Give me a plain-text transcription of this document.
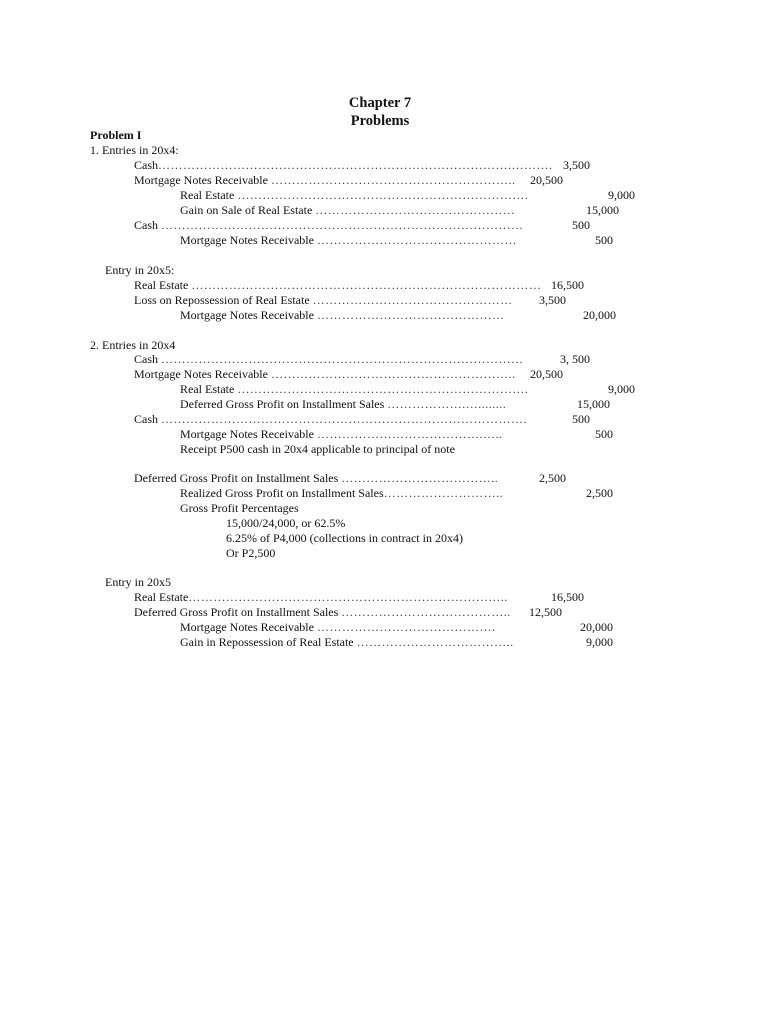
Chapter 7
Problems
Problem I
1. Entries in 20x4:
Cash………………………………………………………………………….………. 3,500
Mortgage Notes Receivable …………………………………………………..	20,500
Real Estate …………………………………………………………….	9,000
Gain on Sale of Real Estate …………………………………………	15,000
Cash ……………………………………………………………………………	500
Mortgage Notes Receivable …………………………………………	500
Entry in 20x5:
Real Estate ………………………………………………………………………… 16,500
Loss on Repossession of Real Estate …………………………………………	3,500
Mortgage Notes Receivable ………………………………………	20,000
2. Entries in 20x4
Cash ……………………………………………………………………………	3, 500
Mortgage Notes Receivable …………………………………………………..	20,500
Real Estate …………………………………………………………….	9,000
Deferred Gross Profit on Installment Sales ……………….…........	15,000
Cash …………………………………………………………………………….	500
Mortgage Notes Receivable ………………………………….…..	500
Receipt P500 cash in 20x4 applicable to principal of note
Deferred Gross Profit on Installment Sales ………………………………..	2,500
Realized Gross Profit on Installment Sales………………………..	2,500
Gross Profit Percentages
15,000/24,000, or 62.5%
6.25% of P4,000 (collections in contract in 20x4)
Or P2,500
Entry in 20x5
Real Estate…………………………………………………………………..	16,500
Deferred Gross Profit on Installment Sales …………………………………..	12,500
Mortgage Notes Receivable …………………………………….	20,000
Gain in Repossession of Real Estate ………………………………..	9,000
